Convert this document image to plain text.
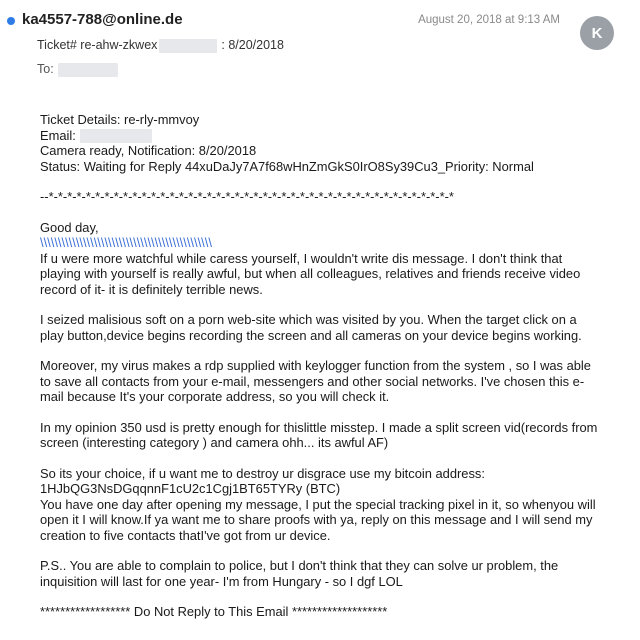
ka4557-788@online.de	August 20, 2018 at 9:13 AM
K
Ticket# re-ahw-zkwex	: 8/20/2018
To:

Ticket Details: re-rly-mmvoy

Email:

Camera ready, Notification: 8/20/2018

Status: Waiting for Reply 44xuDaJy7A7f68wHnZmGkS0IrO8Sy39Cu3_Priority: Normal

--*-*-*-*-*-*-*-*-*-*-*-*-*-*-*-*-*-*-*-*-*-*-*-*-*-*-*-*-*-*-*-*-*-*-*-*-*-*-*-*-*-*-*-*

Good day,

\\\\\\\\\\\\\\\\\\\\\\\\\\\\\\\\\\\\\\\\\\\\\\\\

If u were more watchful while caress yourself, I wouldn't write dis message. I don't think that playing with yourself is really awful, but when all colleagues, relatives and friends receive video record of it- it is definitely terrible news.

I seized malisious soft on a porn web-site which was visited by you. When the target click on a play button,device begins recording the screen and all cameras on your device begins working.

Moreover, my virus makes a rdp supplied with keylogger function from the system , so I was able to save all contacts from your e-mail, messengers and other social networks. I've chosen this e-mail because It's your corporate address, so you will check it.

In my opinion 350 usd is pretty enough for thislittle misstep. I made a split screen vid(records from screen (interesting category ) and camera ohh... its awful AF)

So its your choice, if u want me to destroy ur disgrace use my bitcoin address:

1HJbQG3NsDGqqnnF1cU2c1Cgj1BT65TYRy (BTC)

You have one day after opening my message, I put the special tracking pixel in it, so whenyou will open it I will know.If ya want me to share proofs with ya, reply on this message and I will send my creation to five contacts thatI've got from ur device.

P.S.. You are able to complain to police, but I don't think that they can solve ur problem, the inquisition will last for one year- I'm from Hungary - so I dgf LOL

****************** Do Not Reply to This Email *******************
